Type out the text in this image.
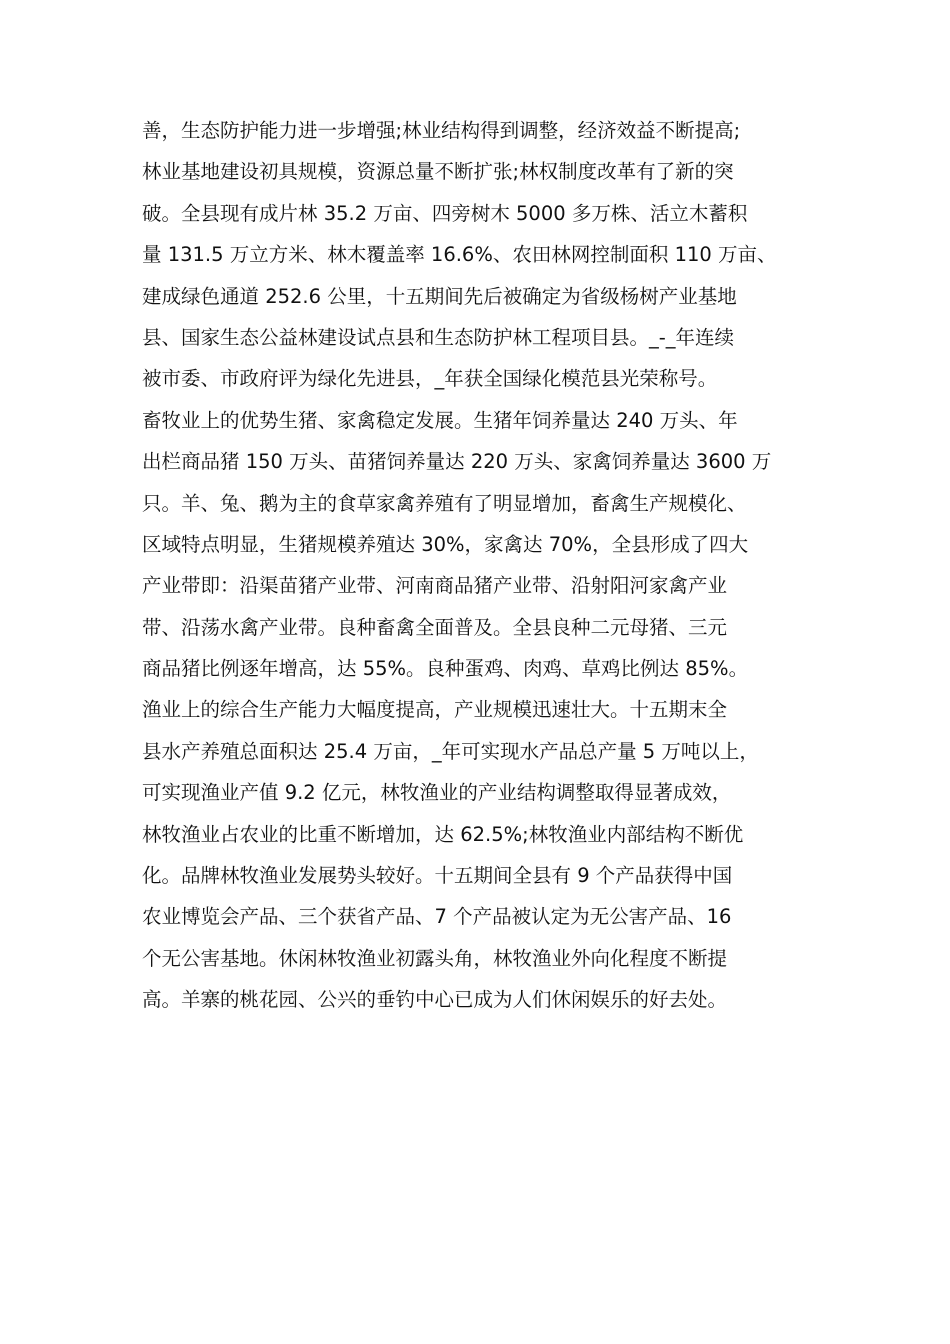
善，生态防护能力进一步增强;林业结构得到调整，经济效益不断提高;
林业基地建设初具规模，资源总量不断扩张;林权制度改革有了新的突
破。全县现有成片林 35.2 万亩、四旁树木 5000 多万株、活立木蓄积
量 131.5 万立方米、林木覆盖率 16.6%、农田林网控制面积 110 万亩、
建成绿色通道 252.6 公里，十五期间先后被确定为省级杨树产业基地
县、国家生态公益林建设试点县和生态防护林工程项目县。_-_年连续
被市委、市政府评为绿化先进县，_年获全国绿化模范县光荣称号。
畜牧业上的优势生猪、家禽稳定发展。生猪年饲养量达 240 万头、年
出栏商品猪 150 万头、苗猪饲养量达 220 万头、家禽饲养量达 3600 万
只。羊、兔、鹅为主的食草家禽养殖有了明显增加，畜禽生产规模化、
区域特点明显，生猪规模养殖达 30%，家禽达 70%，全县形成了四大
产业带即：沿渠苗猪产业带、河南商品猪产业带、沿射阳河家禽产业
带、沿荡水禽产业带。良种畜禽全面普及。全县良种二元母猪、三元
商品猪比例逐年增高，达 55%。良种蛋鸡、肉鸡、草鸡比例达 85%。
渔业上的综合生产能力大幅度提高，产业规模迅速壮大。十五期末全
县水产养殖总面积达 25.4 万亩，_年可实现水产品总产量 5 万吨以上，
可实现渔业产值 9.2 亿元，林牧渔业的产业结构调整取得显著成效，
林牧渔业占农业的比重不断增加，达 62.5%;林牧渔业内部结构不断优
化。品牌林牧渔业发展势头较好。十五期间全县有 9 个产品获得中国
农业博览会产品、三个获省产品、7 个产品被认定为无公害产品、16
个无公害基地。休闲林牧渔业初露头角，林牧渔业外向化程度不断提
高。羊寨的桃花园、公兴的垂钓中心已成为人们休闲娱乐的好去处。
